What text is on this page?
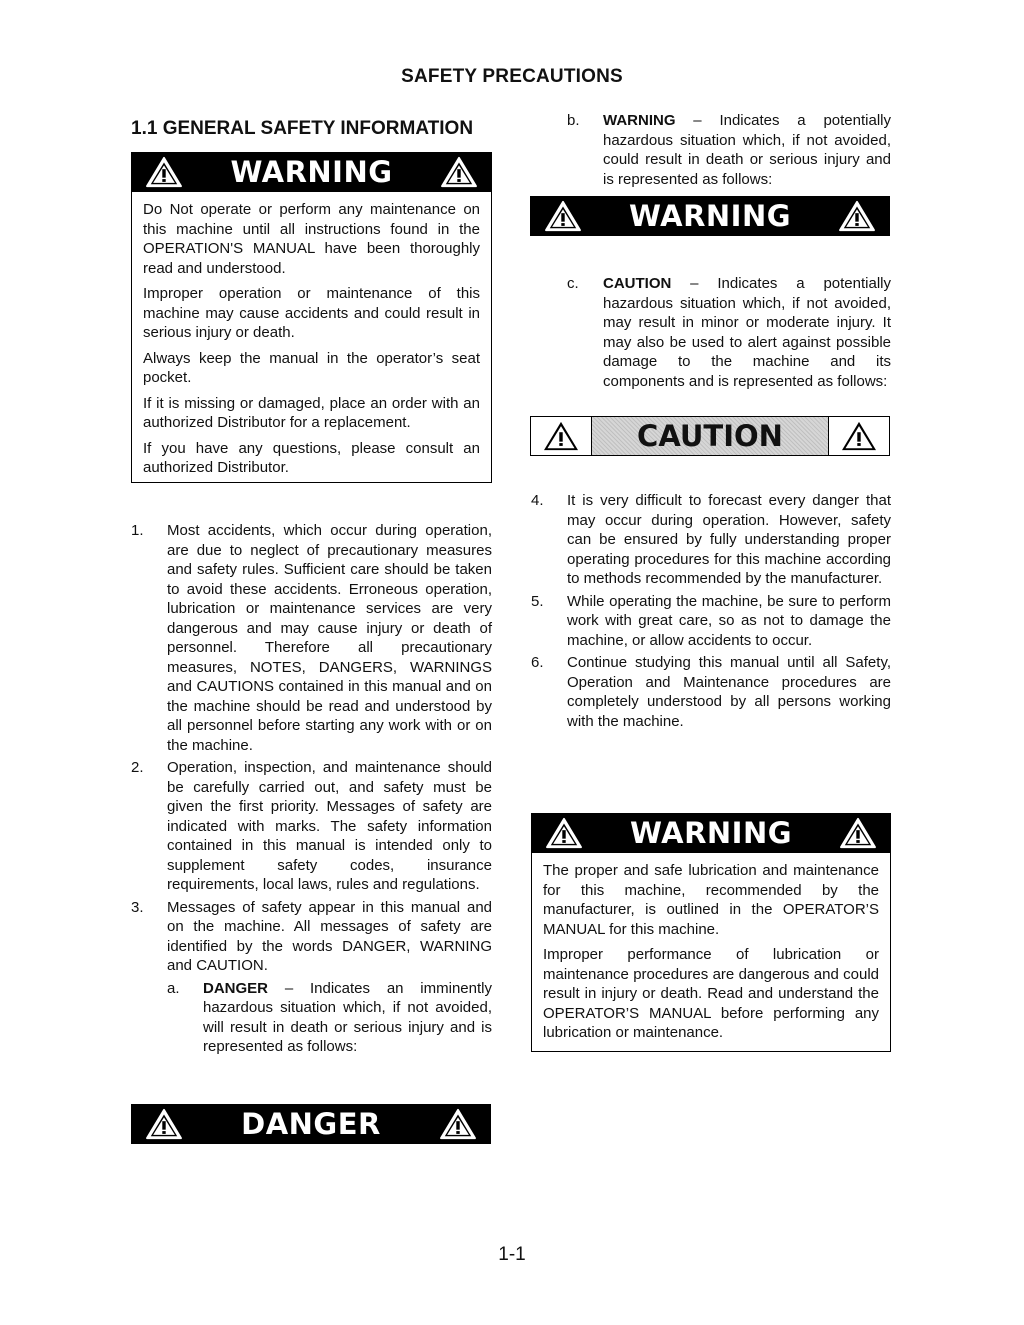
SAFETY PRECAUTIONS
1.1 GENERAL SAFETY INFORMATION
WARNING

Do Not operate or perform any maintenance on this machine until all instructions found in the OPERATION'S MANUAL have been thoroughly read and understood.

Improper operation or maintenance of this machine may cause accidents and could result in serious injury or death.

Always keep the manual in the operator’s seat pocket.

If it is missing or damaged, place an order with an authorized Distributor for a replacement.

If you have any questions, please consult an authorized Distributor.

1. Most accidents, which occur during operation, are due to neglect of precautionary measures and safety rules. Sufficient care should be taken to avoid these accidents. Erroneous operation, lubrication or maintenance services are very dangerous and may cause injury or death of personnel. Therefore all precautionary measures, NOTES, DANGERS, WARNINGS and CAUTIONS contained in this manual and on the machine should be read and understood by all personnel before starting any work with or on the machine.
2. Operation, inspection, and maintenance should be carefully carried out, and safety must be given the first priority. Messages of safety are indicated with marks. The safety information contained in this manual is intended only to supplement safety codes, insurance requirements, local laws, rules and regulations.
3. Messages of safety appear in this manual and on the machine. All messages of safety are identified by the words DANGER, WARNING and CAUTION.
a. DANGER – Indicates an imminently hazardous situation which, if not avoided, will result in death or serious injury and is represented as follows:
DANGER
b. WARNING – Indicates a potentially hazardous situation which, if not avoided, could result in death or serious injury and is represented as follows:
WARNING
c. CAUTION – Indicates a potentially hazardous situation which, if not avoided, may result in minor or moderate injury. It may also be used to alert against possible damage to the machine and its components and is represented as follows:
CAUTION
4. It is very difficult to forecast every danger that may occur during operation. However, safety can be ensured by fully understanding proper operating procedures for this machine according to methods recommended by the manufacturer.
5. While operating the machine, be sure to perform work with great care, so as not to damage the machine, or allow accidents to occur.
6. Continue studying this manual until all Safety, Operation and Maintenance procedures are completely understood by all persons working with the machine.
WARNING

The proper and safe lubrication and maintenance for this machine, recommended by the manufacturer, is outlined in the OPERATOR’S MANUAL for this machine.

Improper performance of lubrication or maintenance procedures are dangerous and could result in injury or death. Read and understand the OPERATOR’S MANUAL before performing any lubrication or maintenance.

1-1
